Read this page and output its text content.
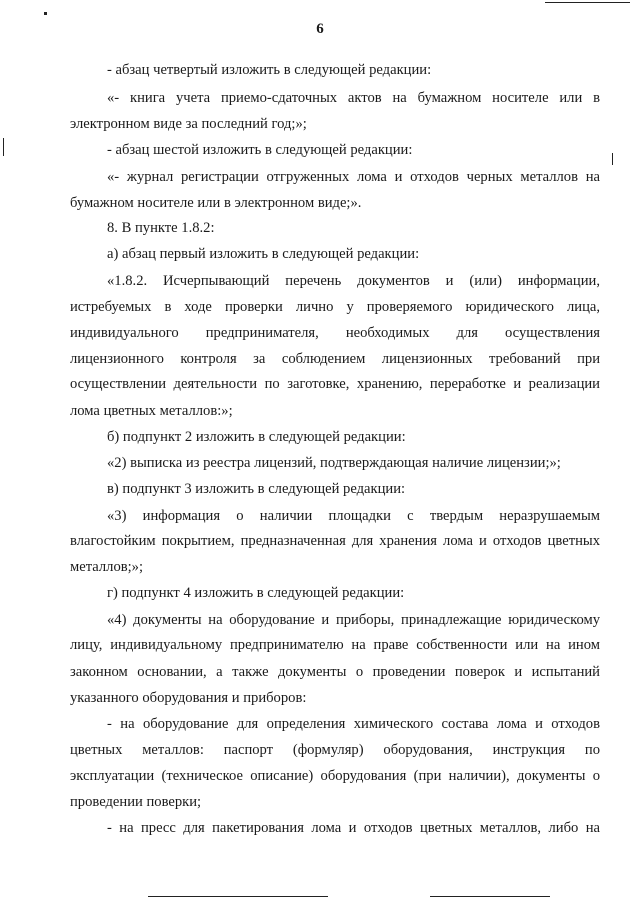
6
- абзац четвертый изложить в следующей редакции:
«- книга учета приемо-сдаточных актов на бумажном носителе или в
электронном виде за последний год;»;
- абзац шестой изложить в следующей редакции:
«- журнал регистрации отгруженных лома и отходов черных металлов на
бумажном носителе или в электронном виде;».
8. В пункте 1.8.2:
а) абзац первый изложить в следующей редакции:
«1.8.2. Исчерпывающий перечень документов и (или) информации,
истребуемых в ходе проверки лично у проверяемого юридического лица,
индивидуального предпринимателя, необходимых для осуществления
лицензионного контроля за соблюдением лицензионных требований при
осуществлении деятельности по заготовке, хранению, переработке и реализации
лома цветных металлов:»;
б) подпункт 2 изложить в следующей редакции:
«2) выписка из реестра лицензий, подтверждающая наличие лицензии;»;
в) подпункт 3 изложить в следующей редакции:
«3) информация о наличии площадки с твердым неразрушаемым
влагостойким покрытием, предназначенная для хранения лома и отходов цветных
металлов;»;
г) подпункт 4 изложить в следующей редакции:
«4) документы на оборудование и приборы, принадлежащие юридическому
лицу, индивидуальному предпринимателю на праве собственности или на ином
законном основании, а также документы о проведении поверок и испытаний
указанного оборудования и приборов:
- на оборудование для определения химического состава лома и отходов
цветных металлов: паспорт (формуляр) оборудования, инструкция по
эксплуатации (техническое описание) оборудования (при наличии), документы о
проведении поверки;
- на пресс для пакетирования лома и отходов цветных металлов, либо на
